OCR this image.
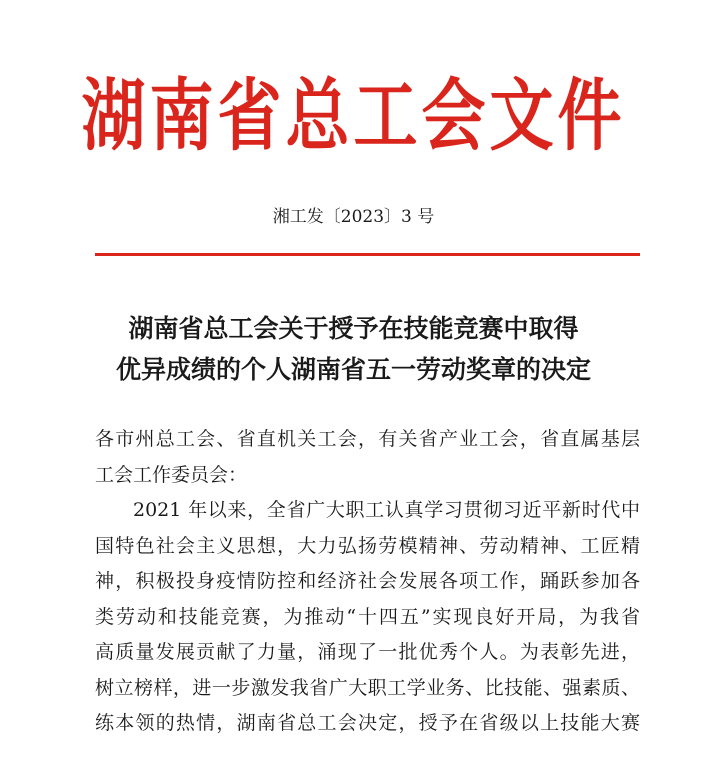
湖南省总工会文件
湘工发〔2023〕3 号
湖南省总工会关于授予在技能竞赛中取得
优异成绩的个人湖南省五一劳动奖章的决定
各市州总工会、省直机关工会，有关省产业工会，省直属基层
工会工作委员会：
2021 年以来，全省广大职工认真学习贯彻习近平新时代中
国特色社会主义思想，大力弘扬劳模精神、劳动精神、工匠精
神，积极投身疫情防控和经济社会发展各项工作，踊跃参加各
类劳动和技能竞赛，为推动“十四五”实现良好开局，为我省
高质量发展贡献了力量，涌现了一批优秀个人。为表彰先进，
树立榜样，进一步激发我省广大职工学业务、比技能、强素质、
练本领的热情，湖南省总工会决定，授予在省级以上技能大赛
